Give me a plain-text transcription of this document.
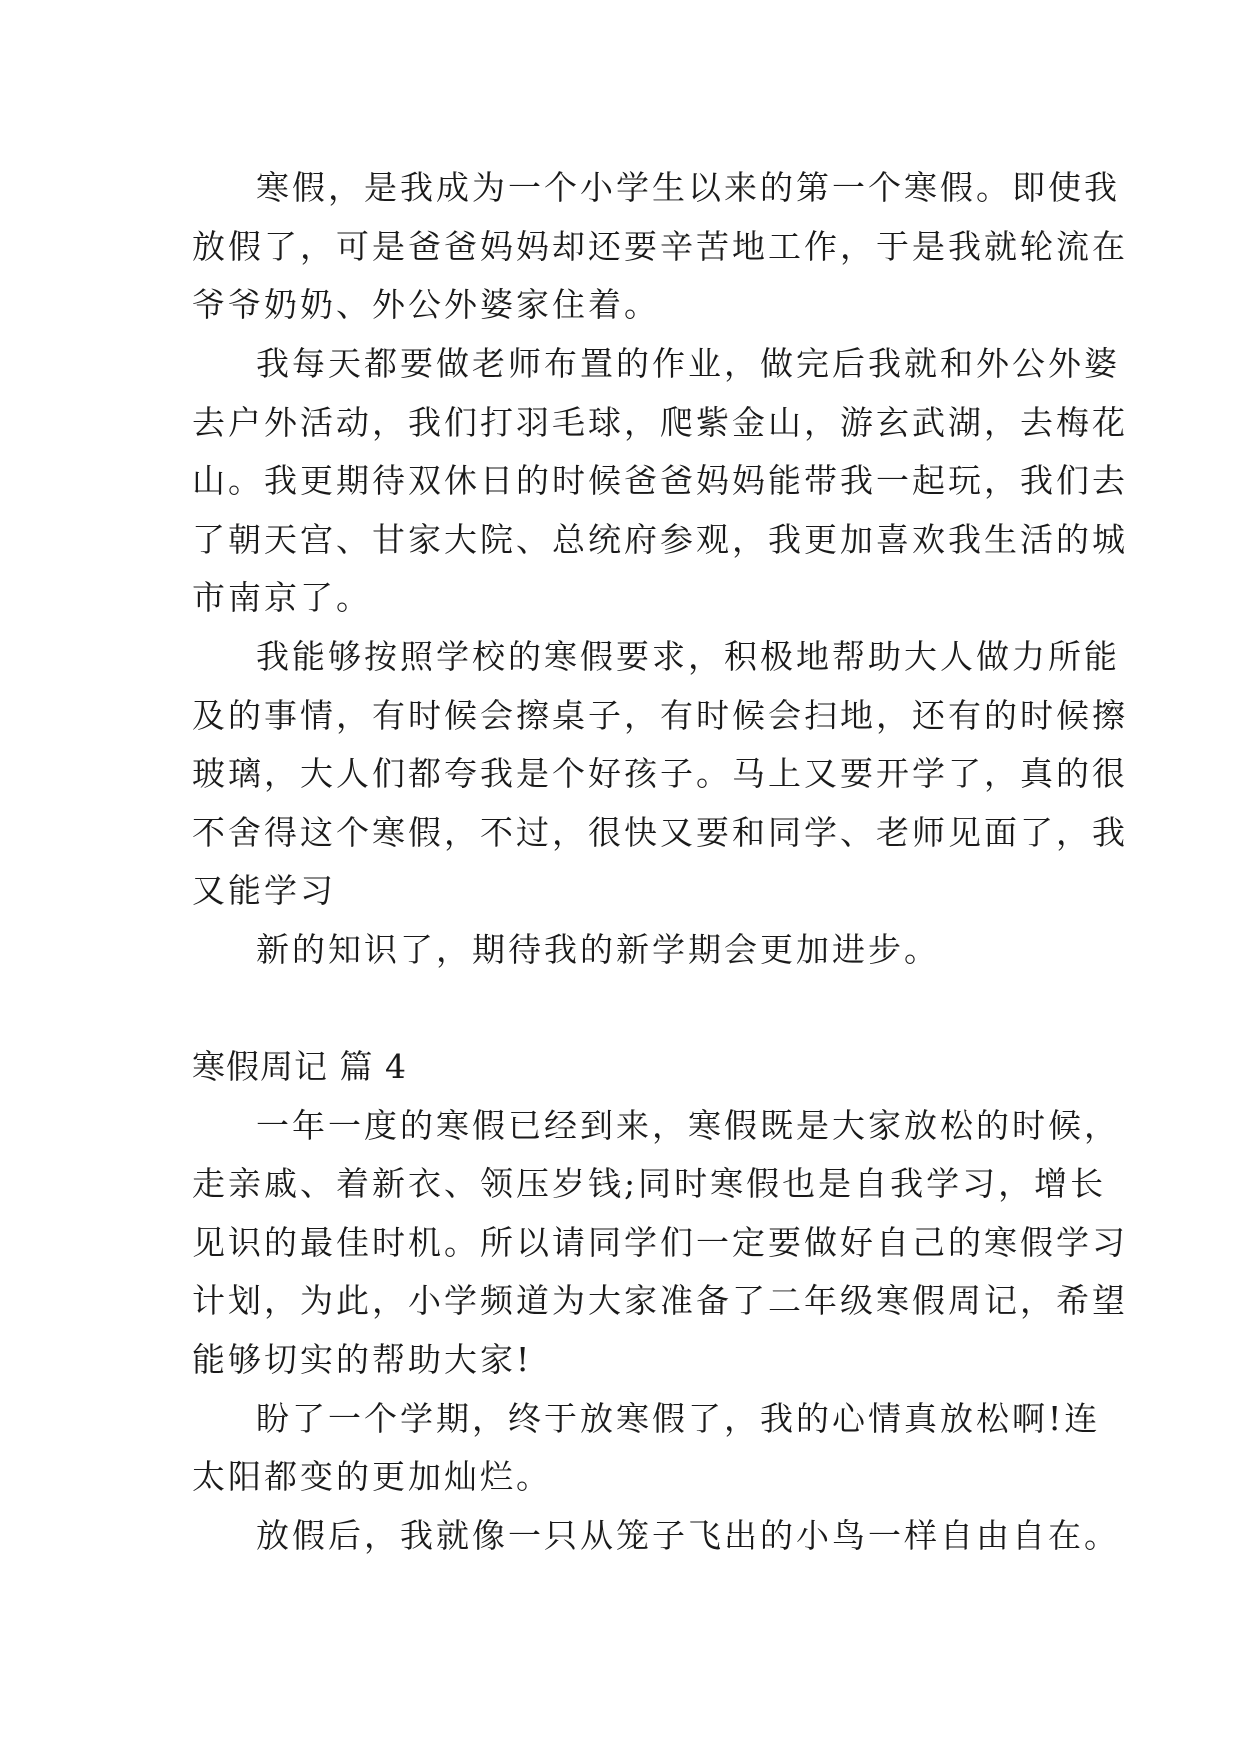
寒假，是我成为一个小学生以来的第一个寒假。即使我

放假了，可是爸爸妈妈却还要辛苦地工作，于是我就轮流在

爷爷奶奶、外公外婆家住着。

我每天都要做老师布置的作业，做完后我就和外公外婆

去户外活动，我们打羽毛球，爬紫金山，游玄武湖，去梅花

山。我更期待双休日的时候爸爸妈妈能带我一起玩，我们去

了朝天宫、甘家大院、总统府参观，我更加喜欢我生活的城

市南京了。

我能够按照学校的寒假要求，积极地帮助大人做力所能

及的事情，有时候会擦桌子，有时候会扫地，还有的时候擦

玻璃，大人们都夸我是个好孩子。马上又要开学了，真的很

不舍得这个寒假，不过，很快又要和同学、老师见面了，我

又能学习

新的知识了，期待我的新学期会更加进步。

寒假周记 篇 4

一年一度的寒假已经到来，寒假既是大家放松的时候，

走亲戚、着新衣、领压岁钱;同时寒假也是自我学习，增长

见识的最佳时机。所以请同学们一定要做好自己的寒假学习

计划，为此，小学频道为大家准备了二年级寒假周记，希望

能够切实的帮助大家!

盼了一个学期，终于放寒假了，我的心情真放松啊!连

太阳都变的更加灿烂。

放假后，我就像一只从笼子飞出的小鸟一样自由自在。
